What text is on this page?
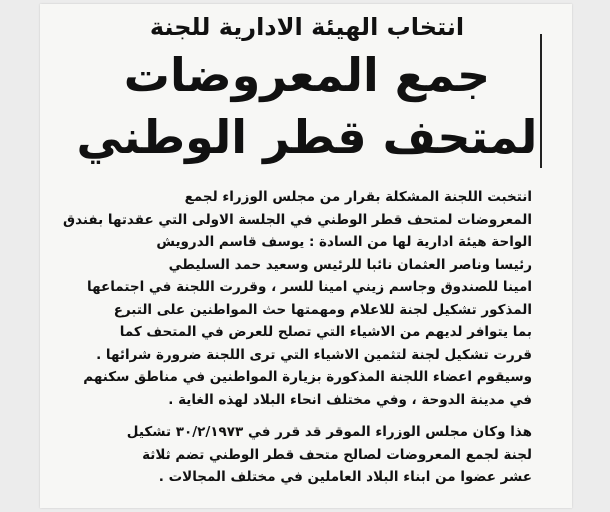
انتخاب الهيئة الادارية للجنة
جمع المعروضات
لمتحف قطر الوطني

انتخبت اللجنة المشكلة بقرار من مجلس الوزراء لجمع
المعروضات لمتحف قطر الوطني في الجلسة الاولى التي عقدتها بفندق
الواحة هيئة ادارية لها من السادة : يوسف قاسم الدرويش
رئيسا وناصر العثمان نائبا للرئيس وسعيد حمد السليطي
امينا للصندوق وجاسم زيني امينا للسر ، وقررت اللجنة في اجتماعها
المذكور تشكيل لجنة للاعلام ومهمتها حث المواطنين على التبرع
بما يتوافر لديهم من الاشياء التي تصلح للعرض في المتحف كما
قررت تشكيل لجنة لتثمين الاشياء التي ترى اللجنة ضرورة شرائها .
وسيقوم اعضاء اللجنة المذكورة بزيارة المواطنين في مناطق سكنهم
في مدينة الدوحة ، وفي مختلف انحاء البلاد لهذه الغاية .

هذا وكان مجلس الوزراء الموقر قد قرر في ٣٠/٢/١٩٧٣ تشكيل
لجنة لجمع المعروضات لصالح متحف قطر الوطني تضم ثلاثة
عشر عضوا من ابناء البلاد العاملين في مختلف المجالات .
